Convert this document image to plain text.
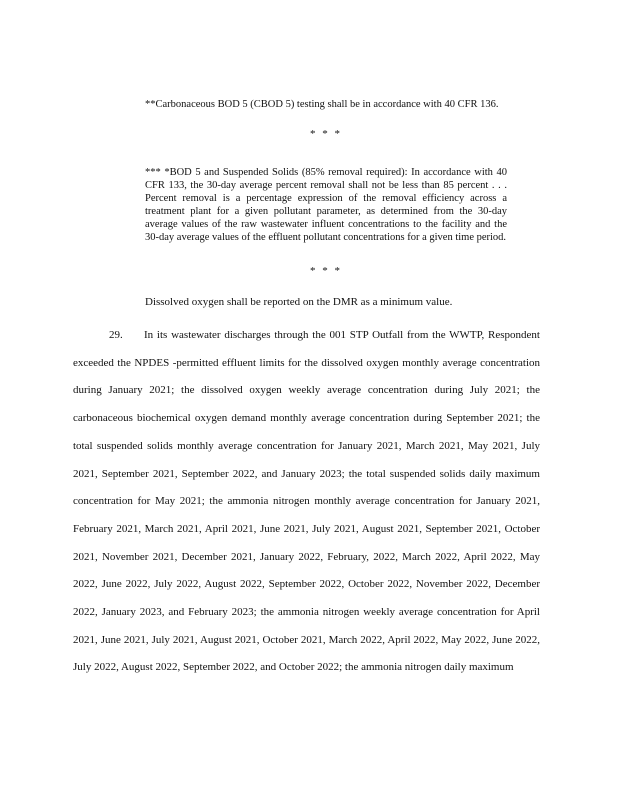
**Carbonaceous BOD 5 (CBOD 5) testing shall be in accordance with 40 CFR 136.

* * *

*** *BOD 5 and Suspended Solids (85% removal required): In accordance with 40 CFR 133, the 30-day average percent removal shall not be less than 85 percent . . . Percent removal is a percentage expression of the removal efficiency across a treatment plant for a given pollutant parameter, as determined from the 30-day average values of the raw wastewater influent concentrations to the facility and the 30-day average values of the effluent pollutant concentrations for a given time period.

* * *
Dissolved oxygen shall be reported on the DMR as a minimum value.
29. In its wastewater discharges through the 001 STP Outfall from the WWTP, Respondent exceeded the NPDES -permitted effluent limits for the dissolved oxygen monthly average concentration during January 2021; the dissolved oxygen weekly average concentration during July 2021; the carbonaceous biochemical oxygen demand monthly average concentration during September 2021; the total suspended solids monthly average concentration for January 2021, March 2021, May 2021, July 2021, September 2021, September 2022, and January 2023; the total suspended solids daily maximum concentration for May 2021; the ammonia nitrogen monthly average concentration for January 2021, February 2021, March 2021, April 2021, June 2021, July 2021, August 2021, September 2021, October 2021, November 2021, December 2021, January 2022, February, 2022, March 2022, April 2022, May 2022, June 2022, July 2022, August 2022, September 2022, October 2022, November 2022, December 2022, January 2023, and February 2023; the ammonia nitrogen weekly average concentration for April 2021, June 2021, July 2021, August 2021, October 2021, March 2022, April 2022, May 2022, June 2022, July 2022, August 2022, September 2022, and October 2022; the ammonia nitrogen daily maximum
